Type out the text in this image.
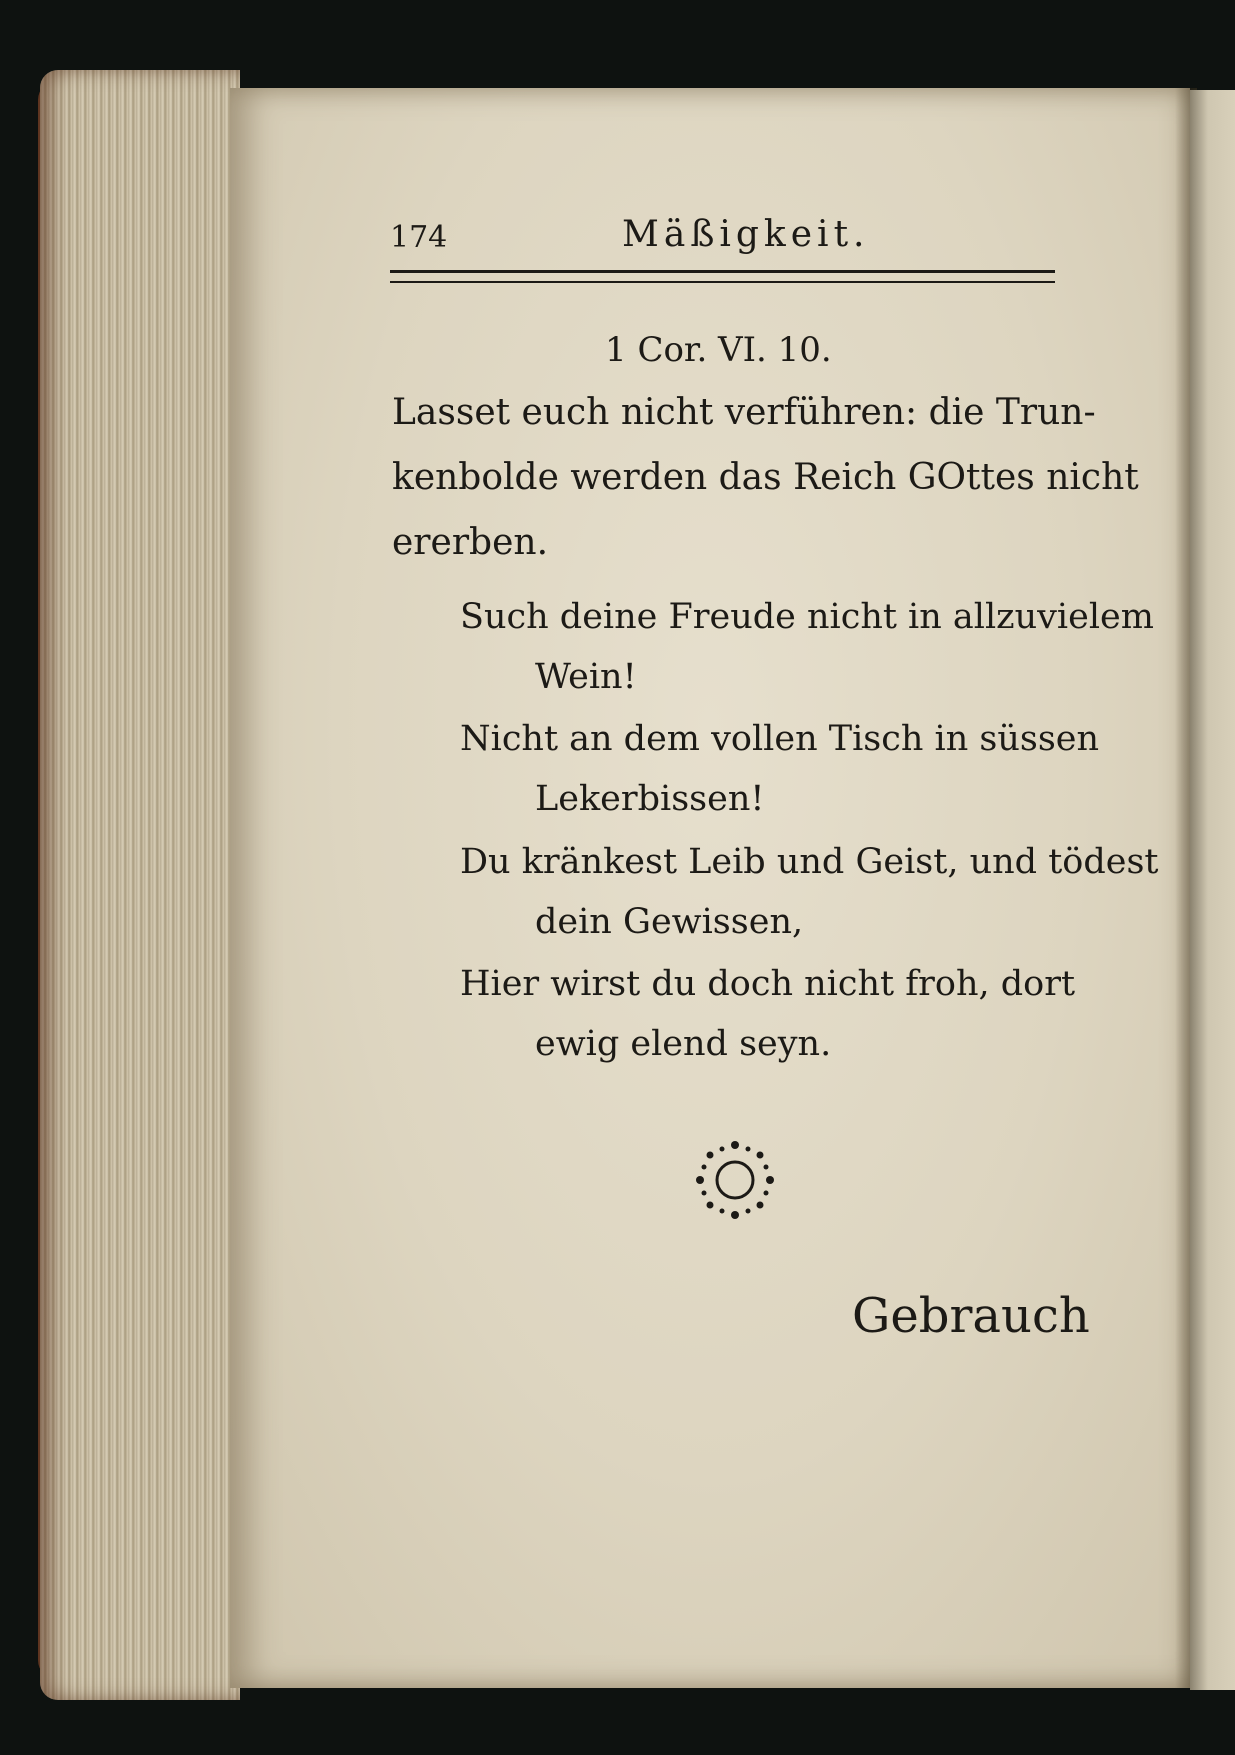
174	Mäßigkeit.
1 Cor. VI. 10.
Lasset euch nicht verführen: die Trun-
kenbolde werden das Reich GOttes nicht
ererben.
Such deine Freude nicht in allzuvielem
Wein!
Nicht an dem vollen Tisch in süssen
Lekerbissen!
Du kränkest Leib und Geist, und tödest
dein Gewissen,
Hier wirst du doch nicht froh, dort
ewig elend seyn.
Gebrauch
